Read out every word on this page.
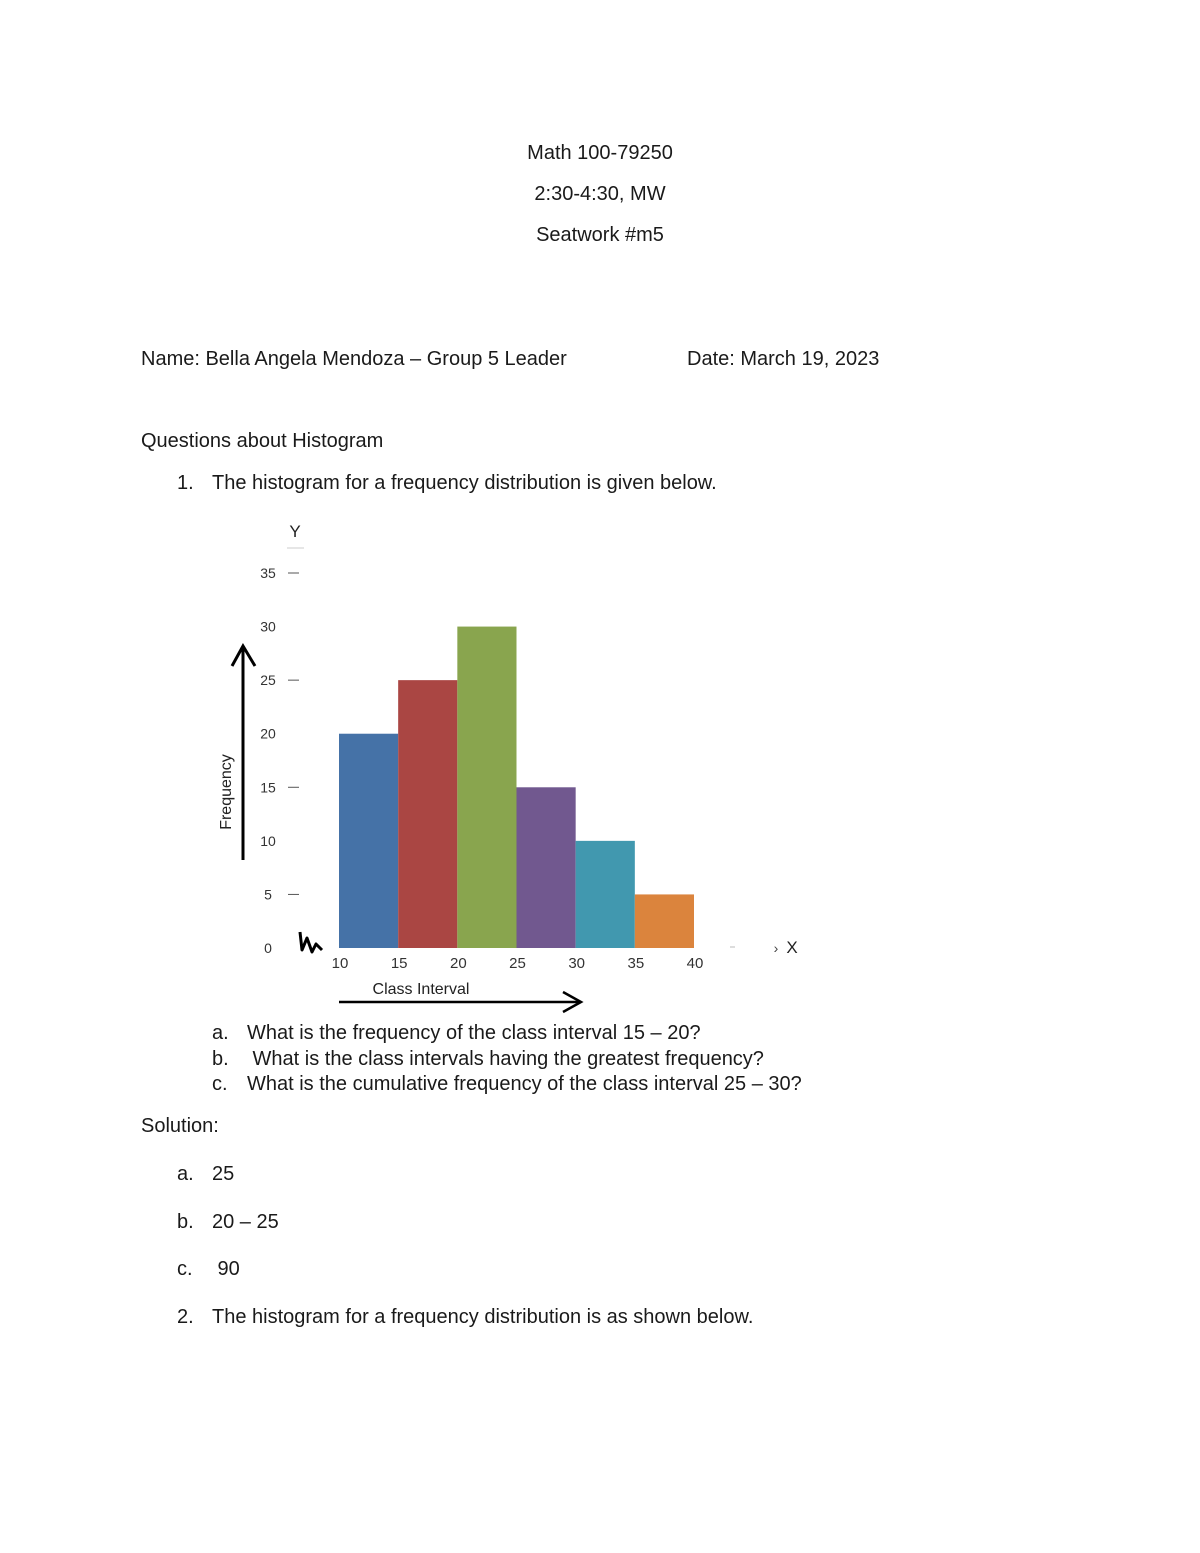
Math 100-79250
2:30-4:30, MW
Seatwork #m5
Name: Bella Angela Mendoza – Group 5 Leader	Date: March 19, 2023
Questions about Histogram
1. The histogram for a frequency distribution is given below.
0
5
10
15
20
25
30
35
10	15	20	25	30	35	40
Y
› X
Frequency
Class Interval
a. What is the frequency of the class interval 15 – 20?
b. What is the class intervals having the greatest frequency?
c. What is the cumulative frequency of the class interval 25 – 30?
Solution:
a. 25
b. 20 – 25
c. 90
2. The histogram for a frequency distribution is as shown below.
